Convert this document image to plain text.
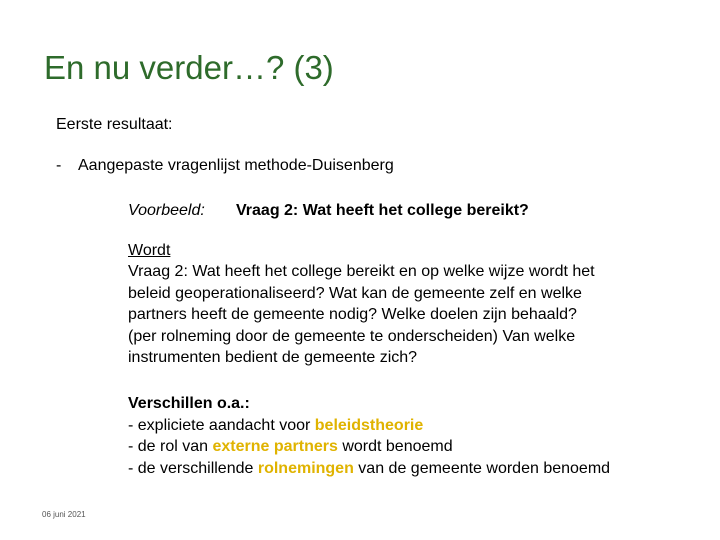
En nu verder…? (3)
Eerste resultaat:
- Aangepaste vragenlijst methode-Duisenberg
Voorbeeld: Vraag 2: Wat heeft het college bereikt?
Wordt
Vraag 2: Wat heeft het college bereikt en op welke wijze wordt het
beleid geoperationaliseerd? Wat kan de gemeente zelf en welke
partners heeft de gemeente nodig? Welke doelen zijn behaald?
(per rolneming door de gemeente te onderscheiden) Van welke
instrumenten bedient de gemeente zich?
Verschillen o.a.:
- expliciete aandacht voor beleidstheorie
- de rol van externe partners wordt benoemd
- de verschillende rolnemingen van de gemeente worden benoemd
06 juni 2021
